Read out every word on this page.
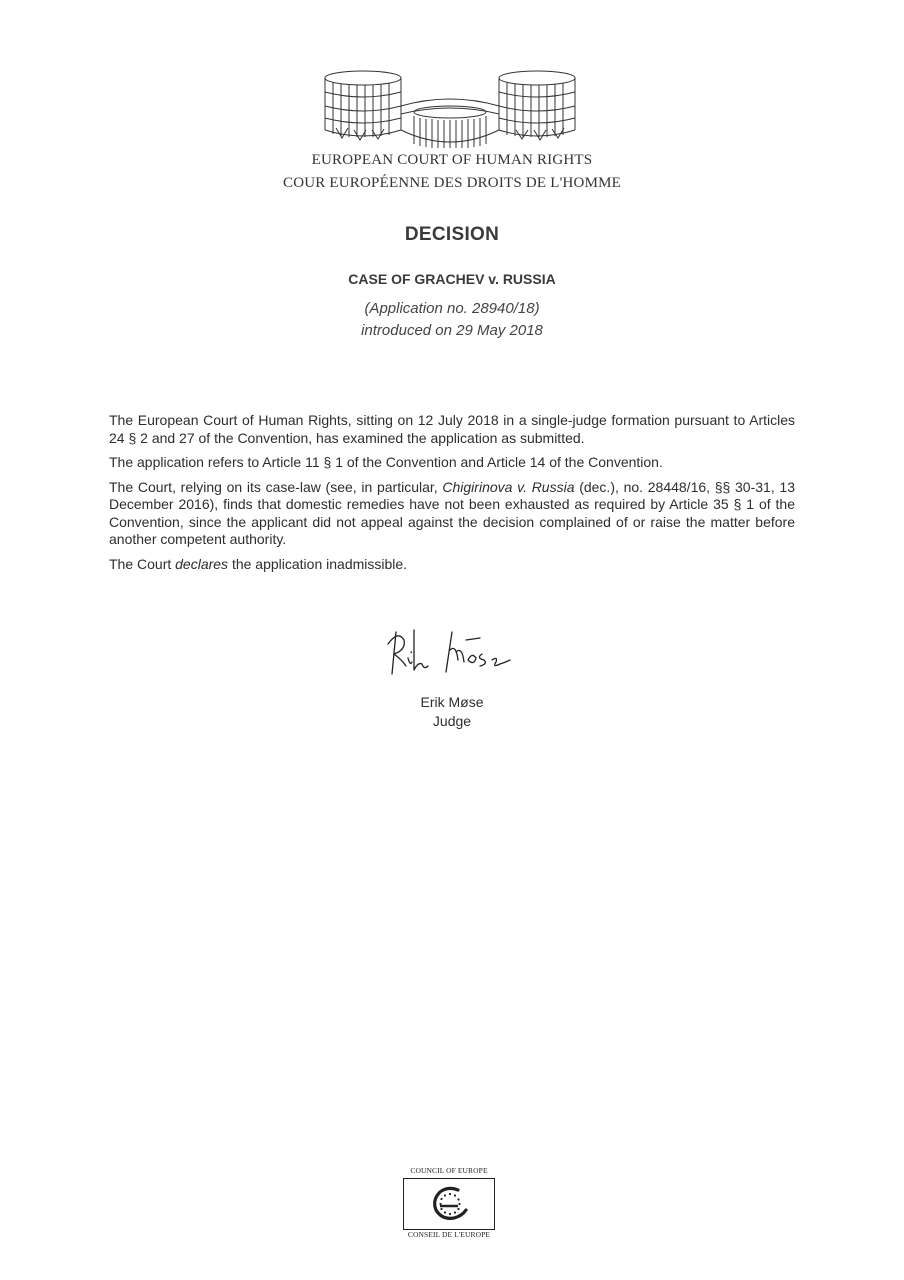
EUROPEAN COURT OF HUMAN RIGHTS
COUR EUROPÉENNE DES DROITS DE L'HOMME
DECISION
CASE OF GRACHEV v. RUSSIA
(Application no. 28940/18)
introduced on 29 May 2018

The European Court of Human Rights, sitting on 12 July 2018 in a single-judge formation pursuant to Articles 24 § 2 and 27 of the Convention, has examined the application as submitted.

The application refers to Article 11 § 1 of the Convention and Article 14 of the Convention.

The Court, relying on its case-law (see, in particular, Chigirinova v. Russia (dec.), no. 28448/16, §§ 30-31, 13 December 2016), finds that domestic remedies have not been exhausted as required by Article 35 § 1 of the Convention, since the applicant did not appeal against the decision complained of or raise the matter before another competent authority.

The Court declares the application inadmissible.

Erik Møse
Judge
COUNCIL OF EUROPE
CONSEIL DE L'EUROPE
